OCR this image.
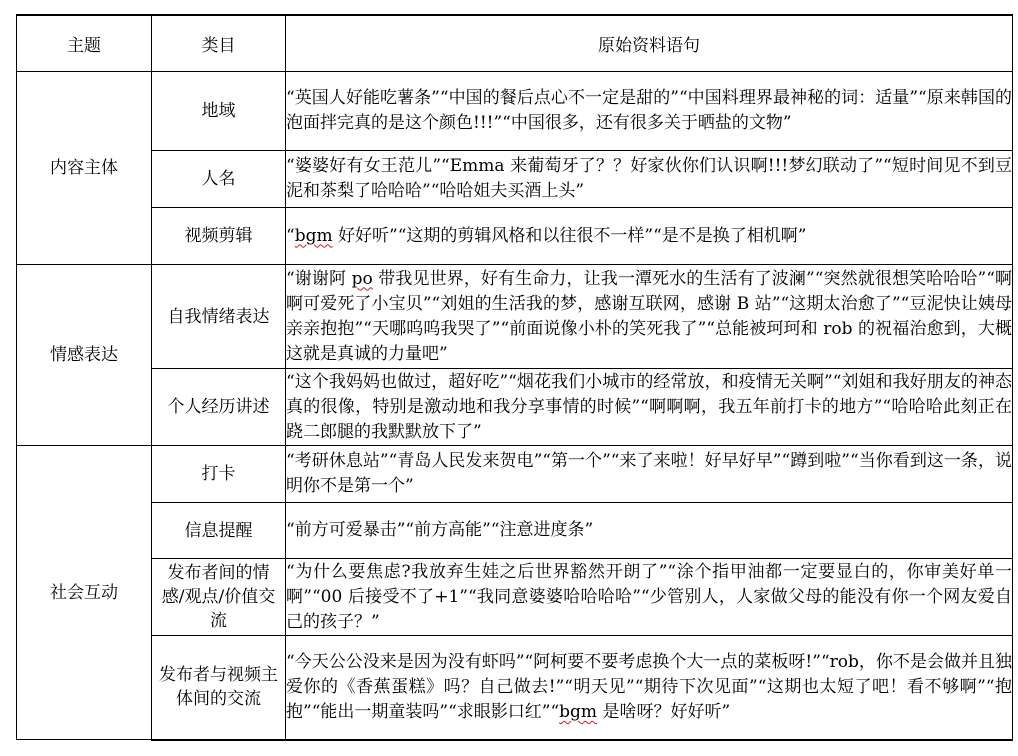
主题	类目	原始资料语句
内容主体	地域	“英国人好能吃薯条”“中国的餐后点心不一定是甜的”“中国料理界最神秘的词：适量”“原来韩国的泡面拌完真的是这个颜色!!!”“中国很多，还有很多关于晒盐的文物”
	人名	“婆婆好有女王范儿”“Emma 来葡萄牙了？？好家伙你们认识啊!!!梦幻联动了”“短时间见不到豆泥和茶梨了哈哈哈”“哈哈姐夫买酒上头”
	视频剪辑	“bgm 好好听”“这期的剪辑风格和以往很不一样”“是不是换了相机啊”
情感表达	自我情绪表达	“谢谢阿 po 带我见世界，好有生命力，让我一潭死水的生活有了波澜”“突然就很想笑哈哈哈”“啊啊可爱死了小宝贝”“刘姐的生活我的梦，感谢互联网，感谢 B 站”“这期太治愈了”“豆泥快让姨母亲亲抱抱”“天哪呜呜我哭了”“前面说像小朴的笑死我了”“总能被珂珂和 rob 的祝福治愈到，大概这就是真诚的力量吧”
	个人经历讲述	“这个我妈妈也做过，超好吃”“烟花我们小城市的经常放，和疫情无关啊”“刘姐和我好朋友的神态真的很像，特别是激动地和我分享事情的时候”“啊啊啊，我五年前打卡的地方”“哈哈哈此刻正在跷二郎腿的我默默放下了”
社会互动	打卡	“考研休息站”“青岛人民发来贺电”“第一个”“来了来啦！好早好早”“蹲到啦”“当你看到这一条，说明你不是第一个”
	信息提醒	“前方可爱暴击”“前方高能”“注意进度条”
	发布者间的情感/观点/价值交流	“为什么要焦虑?我放弃生娃之后世界豁然开朗了”“涂个指甲油都一定要显白的，你审美好单一啊”“00 后接受不了+1”“我同意婆婆哈哈哈哈”“少管别人，人家做父母的能没有你一个网友爱自己的孩子？”
	发布者与视频主体间的交流	“今天公公没来是因为没有虾吗”“阿柯要不要考虑换个大一点的菜板呀!”“rob，你不是会做并且独爱你的《香蕉蛋糕》吗？自己做去!”“明天见”“期待下次见面”“这期也太短了吧！看不够啊”“抱抱”“能出一期童装吗”“求眼影口红”“bgm 是啥呀？好好听”
